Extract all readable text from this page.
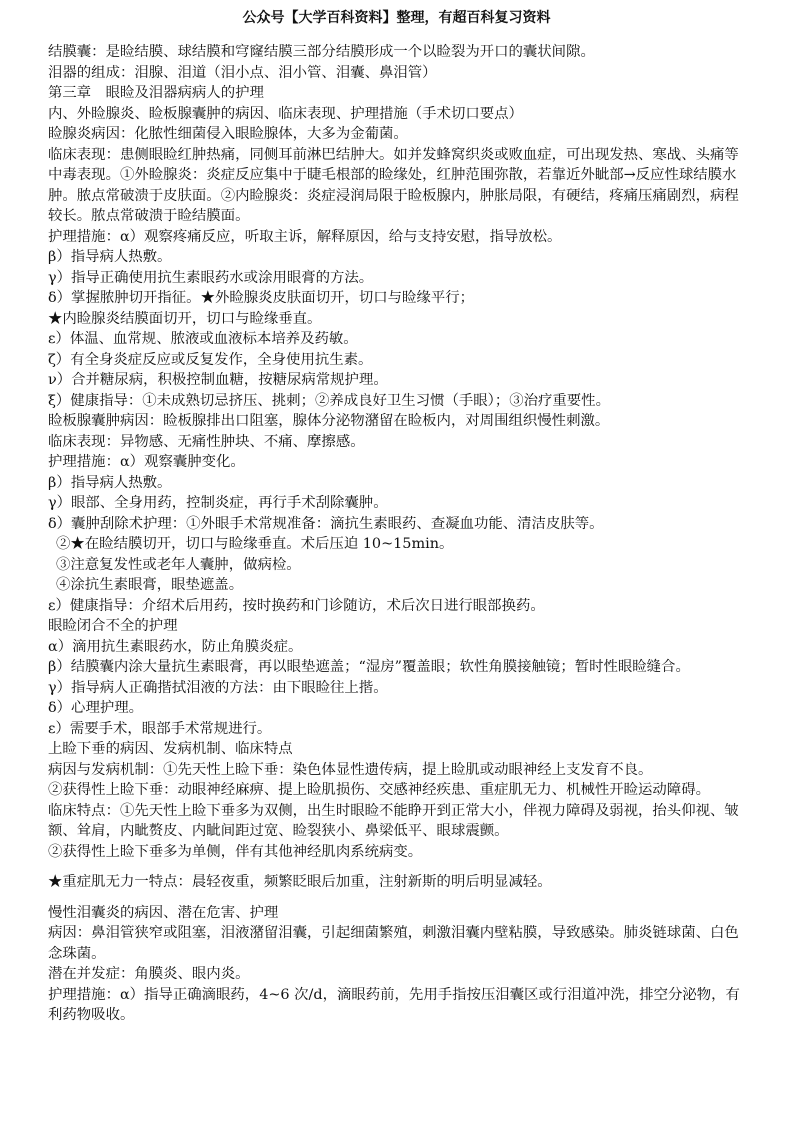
公众号【大学百科资料】整理，有超百科复习资料
结膜囊：是睑结膜、球结膜和穹窿结膜三部分结膜形成一个以睑裂为开口的囊状间隙。
泪器的组成：泪腺、泪道（泪小点、泪小管、泪囊、鼻泪管）
第三章　眼睑及泪器病病人的护理
内、外睑腺炎、睑板腺囊肿的病因、临床表现、护理措施（手术切口要点）
睑腺炎病因：化脓性细菌侵入眼睑腺体，大多为金葡菌。
临床表现：患侧眼睑红肿热痛，同侧耳前淋巴结肿大。如并发蜂窝织炎或败血症，可出现发热、寒战、头痛等中毒表现。①外睑腺炎：炎症反应集中于睫毛根部的睑缘处，红肿范围弥散，若靠近外眦部→反应性球结膜水肿。脓点常破溃于皮肤面。②内睑腺炎：炎症浸润局限于睑板腺内，肿胀局限，有硬结，疼痛压痛剧烈，病程较长。脓点常破溃于睑结膜面。
护理措施：α）观察疼痛反应，听取主诉，解释原因，给与支持安慰，指导放松。
β）指导病人热敷。
γ）指导正确使用抗生素眼药水或涂用眼膏的方法。
δ）掌握脓肿切开指征。★外睑腺炎皮肤面切开，切口与睑缘平行；
★内睑腺炎结膜面切开，切口与睑缘垂直。
ε）体温、血常规、脓液或血液标本培养及药敏。
ζ）有全身炎症反应或反复发作，全身使用抗生素。
ν）合并糖尿病，积极控制血糖，按糖尿病常规护理。
ξ）健康指导：①未成熟切忌挤压、挑刺；②养成良好卫生习惯（手眼）；③治疗重要性。
睑板腺囊肿病因：睑板腺排出口阻塞，腺体分泌物潴留在睑板内，对周围组织慢性刺激。
临床表现：异物感、无痛性肿块、不痛、摩擦感。
护理措施：α）观察囊肿变化。
β）指导病人热敷。
γ）眼部、全身用药，控制炎症，再行手术刮除囊肿。
δ）囊肿刮除术护理：①外眼手术常规准备：滴抗生素眼药、查凝血功能、清洁皮肤等。
②★在睑结膜切开，切口与睑缘垂直。术后压迫 10~15min。
③注意复发性或老年人囊肿，做病检。
④涂抗生素眼膏，眼垫遮盖。
ε）健康指导：介绍术后用药，按时换药和门诊随访，术后次日进行眼部换药。
眼睑闭合不全的护理
α）滴用抗生素眼药水，防止角膜炎症。
β）结膜囊内涂大量抗生素眼膏，再以眼垫遮盖；“湿房”覆盖眼；软性角膜接触镜；暂时性眼睑缝合。
γ）指导病人正确揩拭泪液的方法：由下眼睑往上揩。
δ）心理护理。
ε）需要手术，眼部手术常规进行。
上睑下垂的病因、发病机制、临床特点
病因与发病机制：①先天性上睑下垂：染色体显性遗传病，提上睑肌或动眼神经上支发育不良。
②获得性上睑下垂：动眼神经麻痹、提上睑肌损伤、交感神经疾患、重症肌无力、机械性开睑运动障碍。
临床特点：①先天性上睑下垂多为双侧，出生时眼睑不能睁开到正常大小，伴视力障碍及弱视，抬头仰视、皱额、耸肩，内眦赘皮、内眦间距过宽、睑裂狭小、鼻梁低平、眼球震颤。
②获得性上睑下垂多为单侧，伴有其他神经肌肉系统病变。
★重症肌无力一特点：晨轻夜重，频繁眨眼后加重，注射新斯的明后明显减轻。
慢性泪囊炎的病因、潜在危害、护理
病因：鼻泪管狭窄或阻塞，泪液潴留泪囊，引起细菌繁殖，刺激泪囊内壁粘膜，导致感染。肺炎链球菌、白色念珠菌。
潜在并发症：角膜炎、眼内炎。
护理措施：α）指导正确滴眼药，4~6 次/d，滴眼药前，先用手指按压泪囊区或行泪道冲洗，排空分泌物，有利药物吸收。
